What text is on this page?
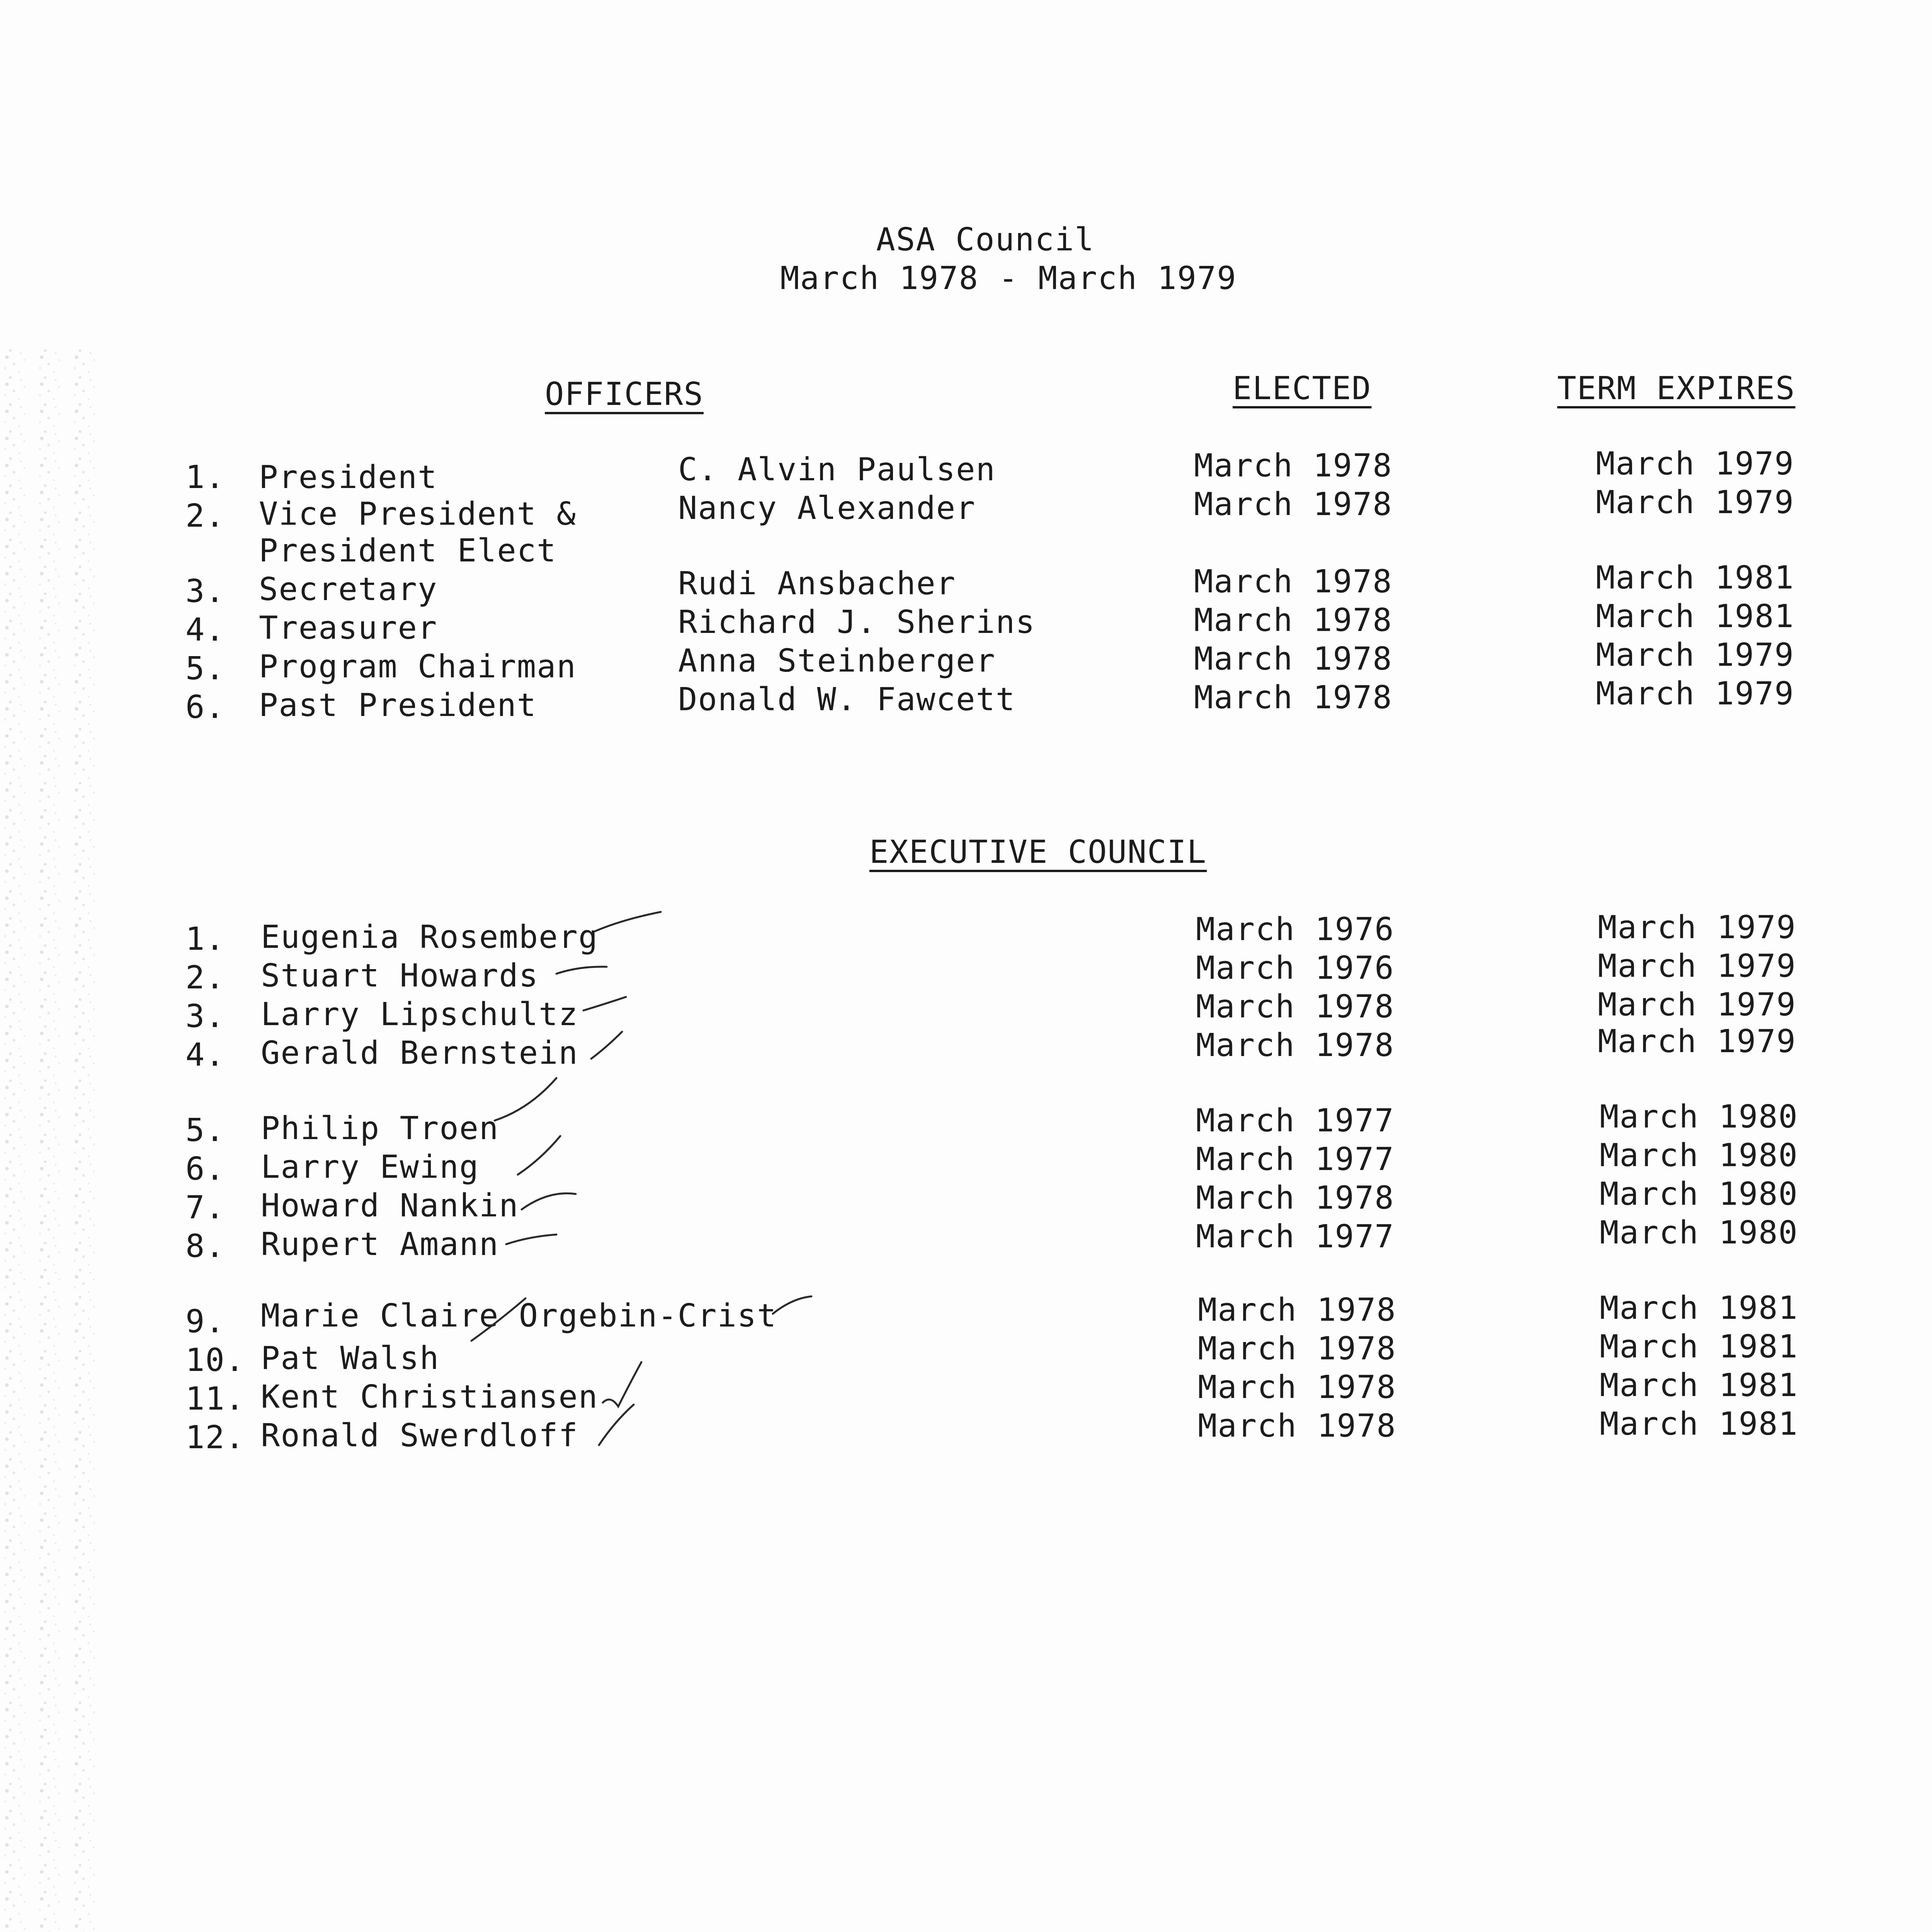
ASA Council
March 1978 - March 1979
OFFICERS	ELECTED	TERM EXPIRES
1. President	C. Alvin Paulsen	March 1978	March 1979
2. Vice President &
President Elect
Nancy Alexander	March 1978	March 1979
3. Secretary	Rudi Ansbacher	March 1978	March 1981
4. Treasurer	Richard J. Sherins	March 1978	March 1981
5. Program Chairman	Anna Steinberger	March 1978	March 1979
6. Past President	Donald W. Fawcett	March 1978	March 1979
EXECUTIVE COUNCIL
1. Eugenia Rosemberg	March 1976	March 1979
2. Stuart Howards	March 1976	March 1979
3. Larry Lipschultz	March 1978	March 1979
4. Gerald Bernstein	March 1978	March 1979
5. Philip Troen	March 1977	March 1980
6. Larry Ewing	March 1977	March 1980
7. Howard Nankin	March 1978	March 1980
8. Rupert Amann	March 1977	March 1980
9. Marie Claire Orgebin-Crist	March 1978	March 1981
10. Pat Walsh	March 1978	March 1981
11. Kent Christiansen	March 1978	March 1981
12. Ronald Swerdloff	March 1978	March 1981
